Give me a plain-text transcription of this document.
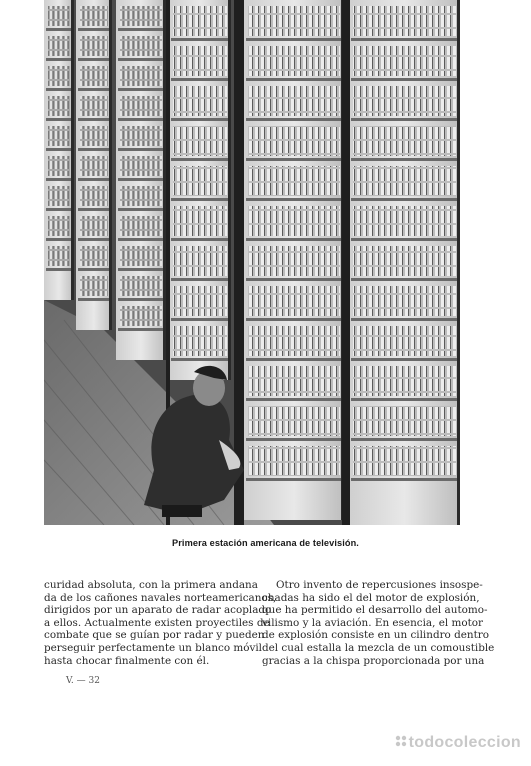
Primera estación americana de televisión.
curidad absoluta, con la primera andana
da de los cañones navales norteamericanos,
dirigidos por un aparato de radar acoplado
a ellos. Actualmente existen proyectiles de
combate que se guían por radar y pueden
perseguir perfectamente un blanco móvil
hasta chocar finalmente con él.
Otro invento de repercusiones insospe-
chadas ha sido el del motor de explosión,
que ha permitido el desarrollo del automo-
vilismo y la aviación. En esencia, el motor
de explosión consiste en un cilindro dentro
del cual estalla la mezcla de un comoustible
gracias a la chispa proporcionada por una
V. — 32
todocoleccion
